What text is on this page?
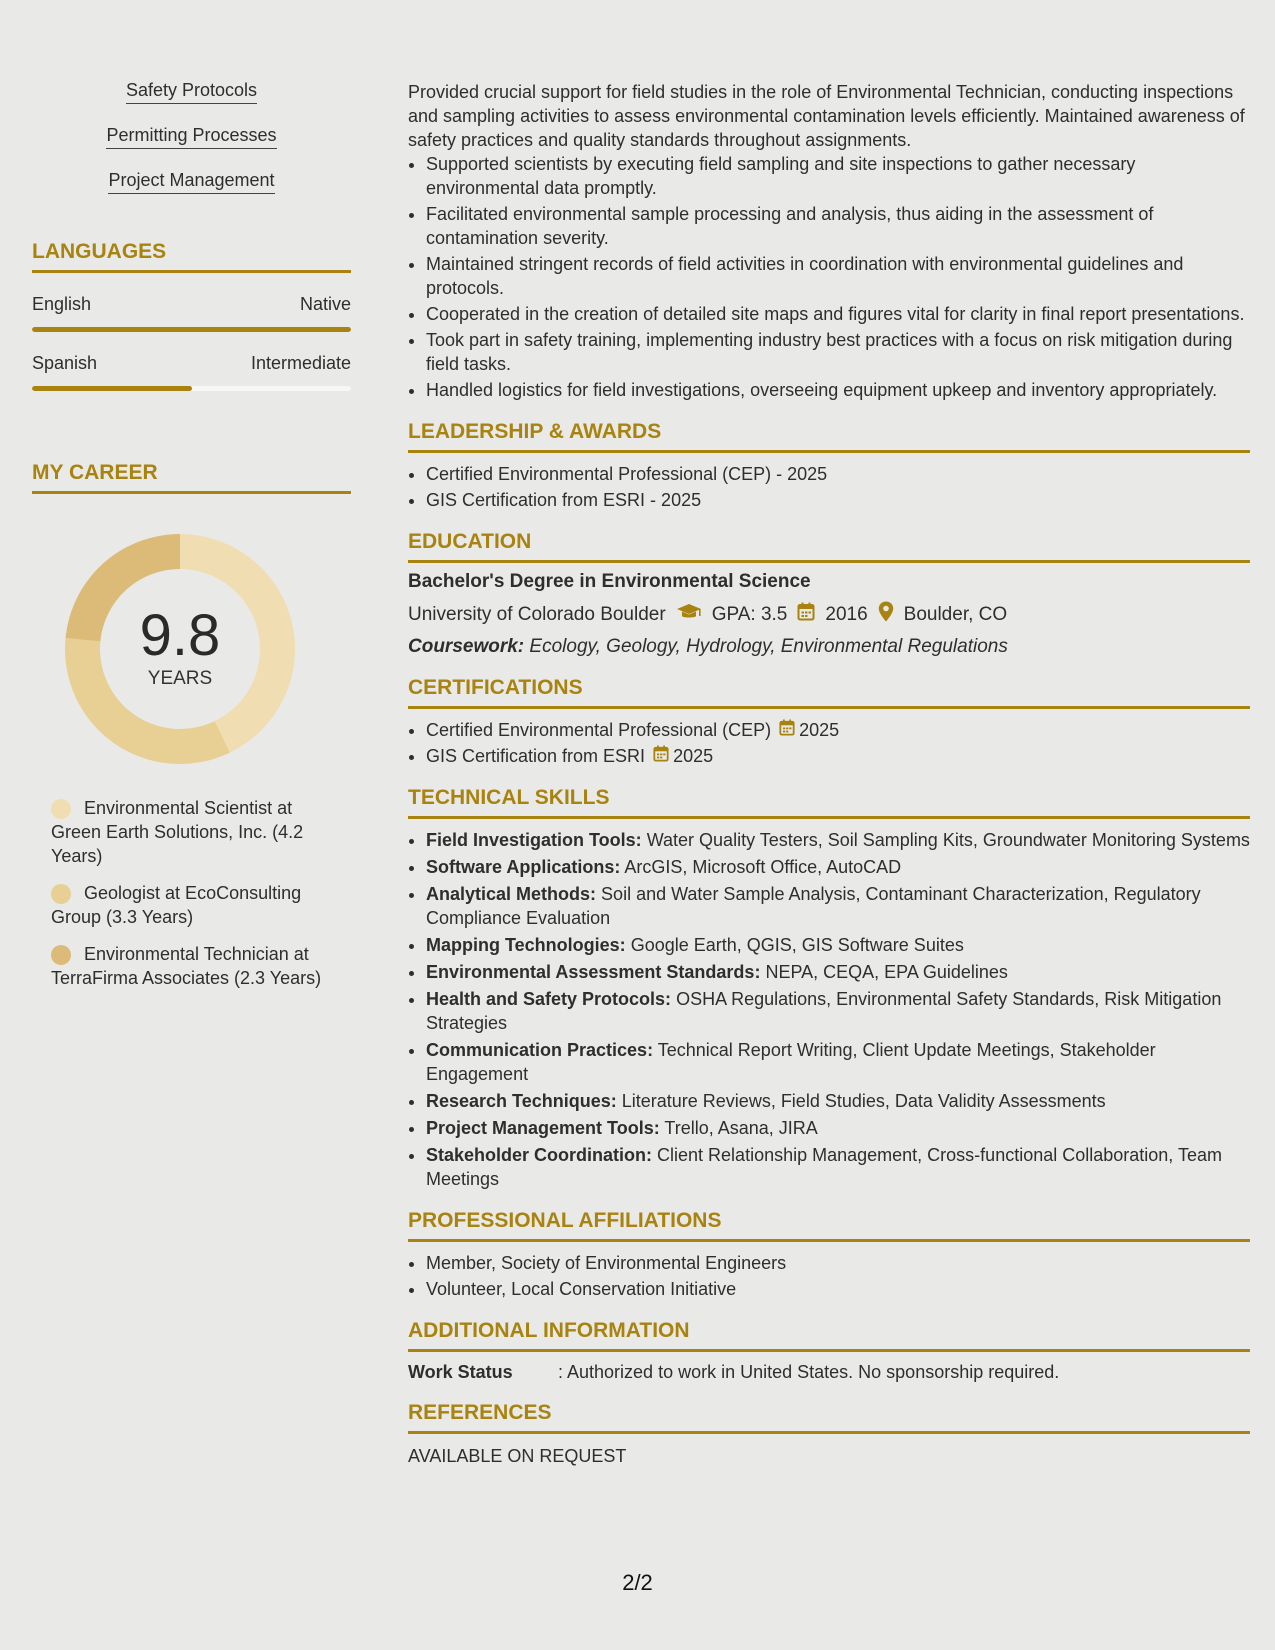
Safety Protocols
Permitting Processes
Project Management
LANGUAGES
English	Native
Spanish	Intermediate
MY CAREER
9.8
YEARS
Environmental Scientist at Green Earth Solutions, Inc. (4.2 Years)
Geologist at EcoConsulting Group (3.3 Years)
Environmental Technician at TerraFirma Associates (2.3 Years)

Provided crucial support for field studies in the role of Environmental Technician, conducting inspections and sampling activities to assess environmental contamination levels efficiently. Maintained awareness of safety practices and quality standards throughout assignments.

• Supported scientists by executing field sampling and site inspections to gather necessary environmental data promptly.
• Facilitated environmental sample processing and analysis, thus aiding in the assessment of contamination severity.
• Maintained stringent records of field activities in coordination with environmental guidelines and protocols.
• Cooperated in the creation of detailed site maps and figures vital for clarity in final report presentations.
• Took part in safety training, implementing industry best practices with a focus on risk mitigation during field tasks.
• Handled logistics for field investigations, overseeing equipment upkeep and inventory appropriately.
LEADERSHIP & AWARDS
• Certified Environmental Professional (CEP) - 2025
• GIS Certification from ESRI - 2025
EDUCATION
Bachelor's Degree in Environmental Science
University of Colorado Boulder GPA: 3.5 2016 Boulder, CO
Coursework: Ecology, Geology, Hydrology, Environmental Regulations
CERTIFICATIONS
• Certified Environmental Professional (CEP) 2025
• GIS Certification from ESRI 2025
TECHNICAL SKILLS
• Field Investigation Tools: Water Quality Testers, Soil Sampling Kits, Groundwater Monitoring Systems
• Software Applications: ArcGIS, Microsoft Office, AutoCAD
• Analytical Methods: Soil and Water Sample Analysis, Contaminant Characterization, Regulatory Compliance Evaluation
• Mapping Technologies: Google Earth, QGIS, GIS Software Suites
• Environmental Assessment Standards: NEPA, CEQA, EPA Guidelines
• Health and Safety Protocols: OSHA Regulations, Environmental Safety Standards, Risk Mitigation Strategies
• Communication Practices: Technical Report Writing, Client Update Meetings, Stakeholder Engagement
• Research Techniques: Literature Reviews, Field Studies, Data Validity Assessments
• Project Management Tools: Trello, Asana, JIRA
• Stakeholder Coordination: Client Relationship Management, Cross-functional Collaboration, Team Meetings
PROFESSIONAL AFFILIATIONS
• Member, Society of Environmental Engineers
• Volunteer, Local Conservation Initiative
ADDITIONAL INFORMATION
Work Status	: Authorized to work in United States. No sponsorship required.
REFERENCES

AVAILABLE ON REQUEST

2/2
